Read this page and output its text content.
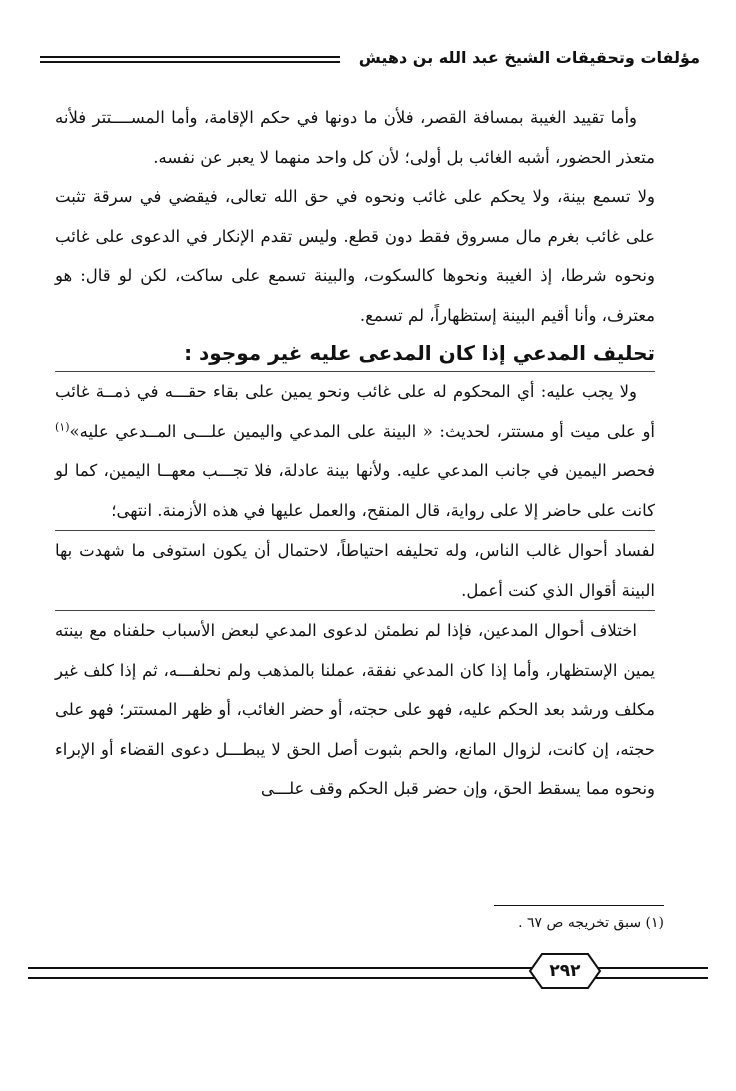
مؤلفات وتحقيقات الشيخ عبد الله بن دهيش

وأما تقييد الغيبة بمسافة القصر، فلأن ما دونها في حكم الإقامة، وأما المســــتتر فلأنه متعذر الحضور، أشبه الغائب بل أولى؛ لأن كل واحد منهما لا يعبر عن نفسه.

ولا تسمع بينة، ولا يحكم على غائب ونحوه في حق الله تعالى، فيقضي في سرقة تثبت على غائب بغرم مال مسروق فقط دون قطع. وليس تقدم الإنكار في الدعوى على غائب ونحوه شرطا، إذ الغيبة ونحوها كالسكوت، والبينة تسمع على ساكت، لكن لو قال: هو معترف، وأنا أقيم البينة إستظهاراً، لم تسمع.

تحليف المدعي إذا كان المدعى عليه غير موجود :

ولا يجب عليه: أي المحكوم له على غائب ونحو يمين على بقاء حقـــه في ذمــة غائب أو على ميت أو مستتر، لحديث: « البينة على المدعي واليمين علـــى المــدعي عليه»$^{(١)}$ فحصر اليمين في جانب المدعي عليه. ولأنها بينة عادلة، فلا تجـــب معهــا اليمين، كما لو كانت على حاضر إلا على رواية، قال المنقح، والعمل عليها في هذه الأزمنة. انتهى؛

لفساد أحوال غالب الناس، وله تحليفه احتياطاً، لاحتمال أن يكون استوفى ما شهدت بها البينة أقوال الذي كنت أعمل.

اختلاف أحوال المدعين، فإذا لم نطمئن لدعوى المدعي لبعض الأسباب حلفناه مع بينته يمين الإستظهار، وأما إذا كان المدعي نفقة، عملنا بالمذهب ولم نحلفـــه، ثم إذا كلف غير مكلف ورشد بعد الحكم عليه، فهو على حجته، أو حضر الغائب، أو ظهر المستتر؛ فهو على حجته، إن كانت، لزوال المانع، والحم بثبوت أصل الحق لا يبطـــل دعوى القضاء أو الإبراء ونحوه مما يسقط الحق، وإن حضر قبل الحكم وقف علـــى

(١) سبق تخريجه ص ٦٧ .
٢٩٢
